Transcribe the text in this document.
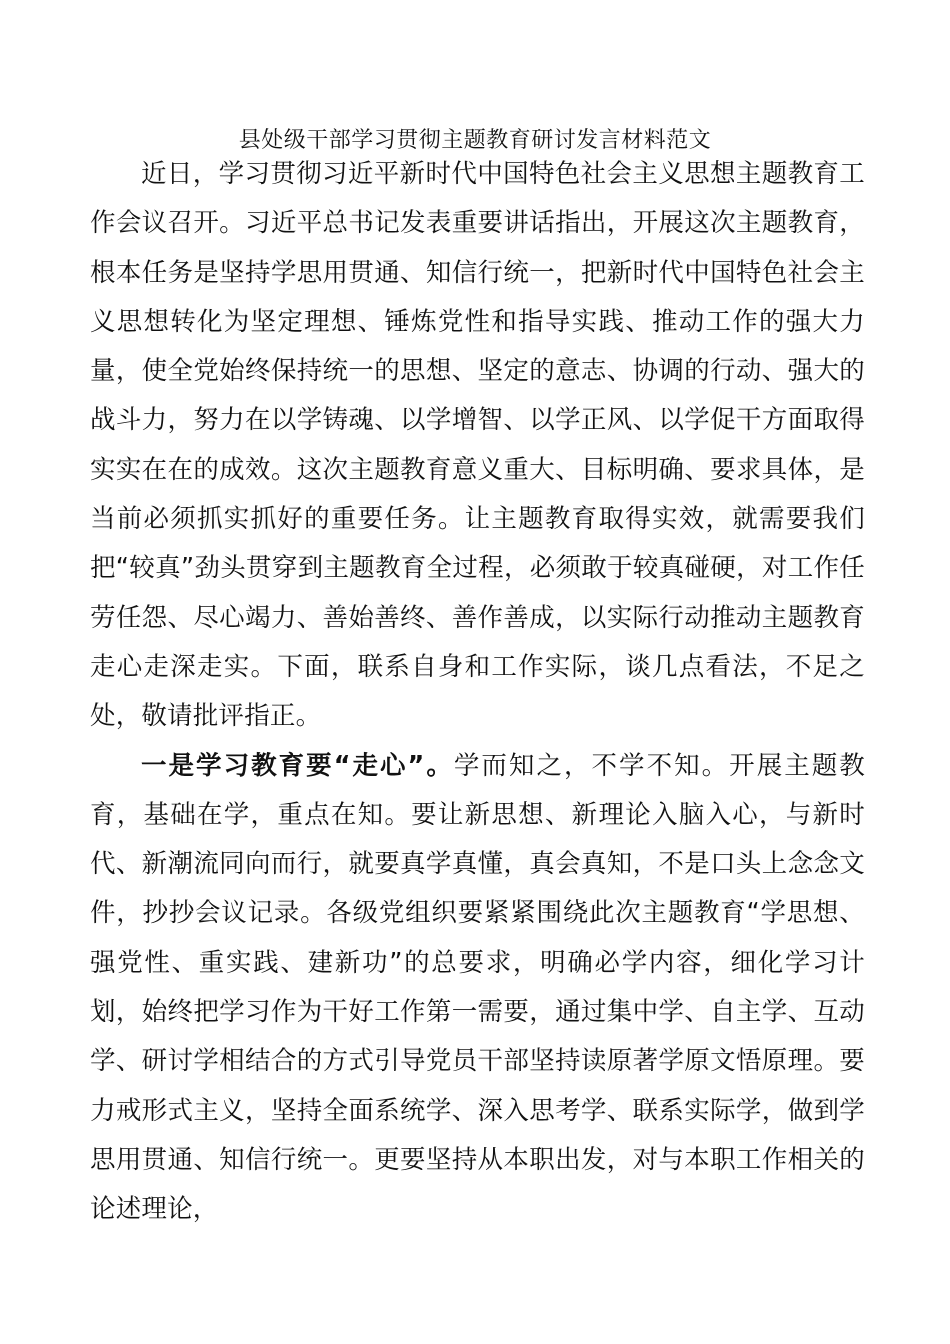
县处级干部学习贯彻主题教育研讨发言材料范文

近日，学习贯彻习近平新时代中国特色社会主义思想主题教育工作会议召开。习近平总书记发表重要讲话指出，开展这次主题教育，根本任务是坚持学思用贯通、知信行统一，把新时代中国特色社会主义思想转化为坚定理想、锤炼党性和指导实践、推动工作的强大力量，使全党始终保持统一的思想、坚定的意志、协调的行动、强大的战斗力，努力在以学铸魂、以学增智、以学正风、以学促干方面取得实实在在的成效。这次主题教育意义重大、目标明确、要求具体，是当前必须抓实抓好的重要任务。让主题教育取得实效，就需要我们把“较真”劲头贯穿到主题教育全过程，必须敢于较真碰硬，对工作任劳任怨、尽心竭力、善始善终、善作善成，以实际行动推动主题教育走心走深走实。下面，联系自身和工作实际，谈几点看法，不足之处，敬请批评指正。

一是学习教育要“走心”。学而知之，不学不知。开展主题教育，基础在学，重点在知。要让新思想、新理论入脑入心，与新时代、新潮流同向而行，就要真学真懂，真会真知，不是口头上念念文件，抄抄会议记录。各级党组织要紧紧围绕此次主题教育“学思想、强党性、重实践、建新功”的总要求，明确必学内容，细化学习计划，始终把学习作为干好工作第一需要，通过集中学、自主学、互动学、研讨学相结合的方式引导党员干部坚持读原著学原文悟原理。要力戒形式主义，坚持全面系统学、深入思考学、联系实际学，做到学思用贯通、知信行统一。更要坚持从本职出发，对与本职工作相关的论述理论，
